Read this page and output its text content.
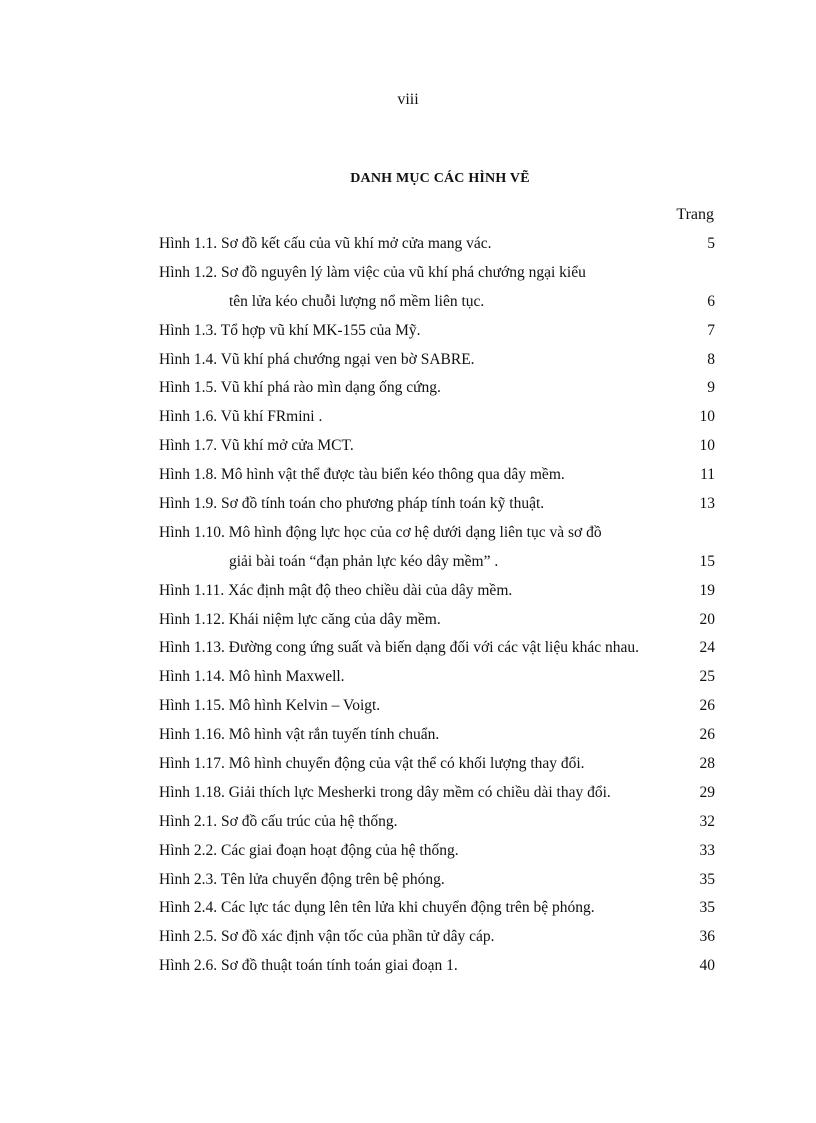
viii
DANH MỤC CÁC HÌNH VẼ
Trang
Hình 1.1. Sơ đồ kết cấu của vũ khí mở cửa mang vác.	5
Hình 1.2. Sơ đồ nguyên lý làm việc của vũ khí phá chướng ngại kiểu
tên lửa kéo chuỗi lượng nổ mềm liên tục.	6
Hình 1.3. Tổ hợp vũ khí MK-155 của Mỹ.	7
Hình 1.4. Vũ khí phá chướng ngại ven bờ SABRE.	8
Hình 1.5. Vũ khí phá rào mìn dạng ống cứng.	9
Hình 1.6. Vũ khí FRmini .	10
Hình 1.7. Vũ khí mở cửa MCT.	10
Hình 1.8. Mô hình vật thể được tàu biển kéo thông qua dây mềm.	11
Hình 1.9. Sơ đồ tính toán cho phương pháp tính toán kỹ thuật.	13
Hình 1.10. Mô hình động lực học của cơ hệ dưới dạng liên tục và sơ đồ
giải bài toán “đạn phản lực kéo dây mềm” .	15
Hình 1.11. Xác định mật độ theo chiều dài của dây mềm.	19
Hình 1.12. Khái niệm lực căng của dây mềm.	20
Hình 1.13. Đường cong ứng suất và biến dạng đối với các vật liệu khác nhau.	24
Hình 1.14. Mô hình Maxwell.	25
Hình 1.15. Mô hình Kelvin – Voigt.	26
Hình 1.16. Mô hình vật rắn tuyến tính chuẩn.	26
Hình 1.17. Mô hình chuyển động của vật thể có khối lượng thay đổi.	28
Hình 1.18. Giải thích lực Mesherki trong dây mềm có chiều dài thay đổi.	29
Hình 2.1. Sơ đồ cấu trúc của hệ thống.	32
Hình 2.2. Các giai đoạn hoạt động của hệ thống.	33
Hình 2.3. Tên lửa chuyển động trên bệ phóng.	35
Hình 2.4. Các lực tác dụng lên tên lửa khi chuyển động trên bệ phóng.	35
Hình 2.5. Sơ đồ xác định vận tốc của phần tử dây cáp.	36
Hình 2.6. Sơ đồ thuật toán tính toán giai đoạn 1.	40
